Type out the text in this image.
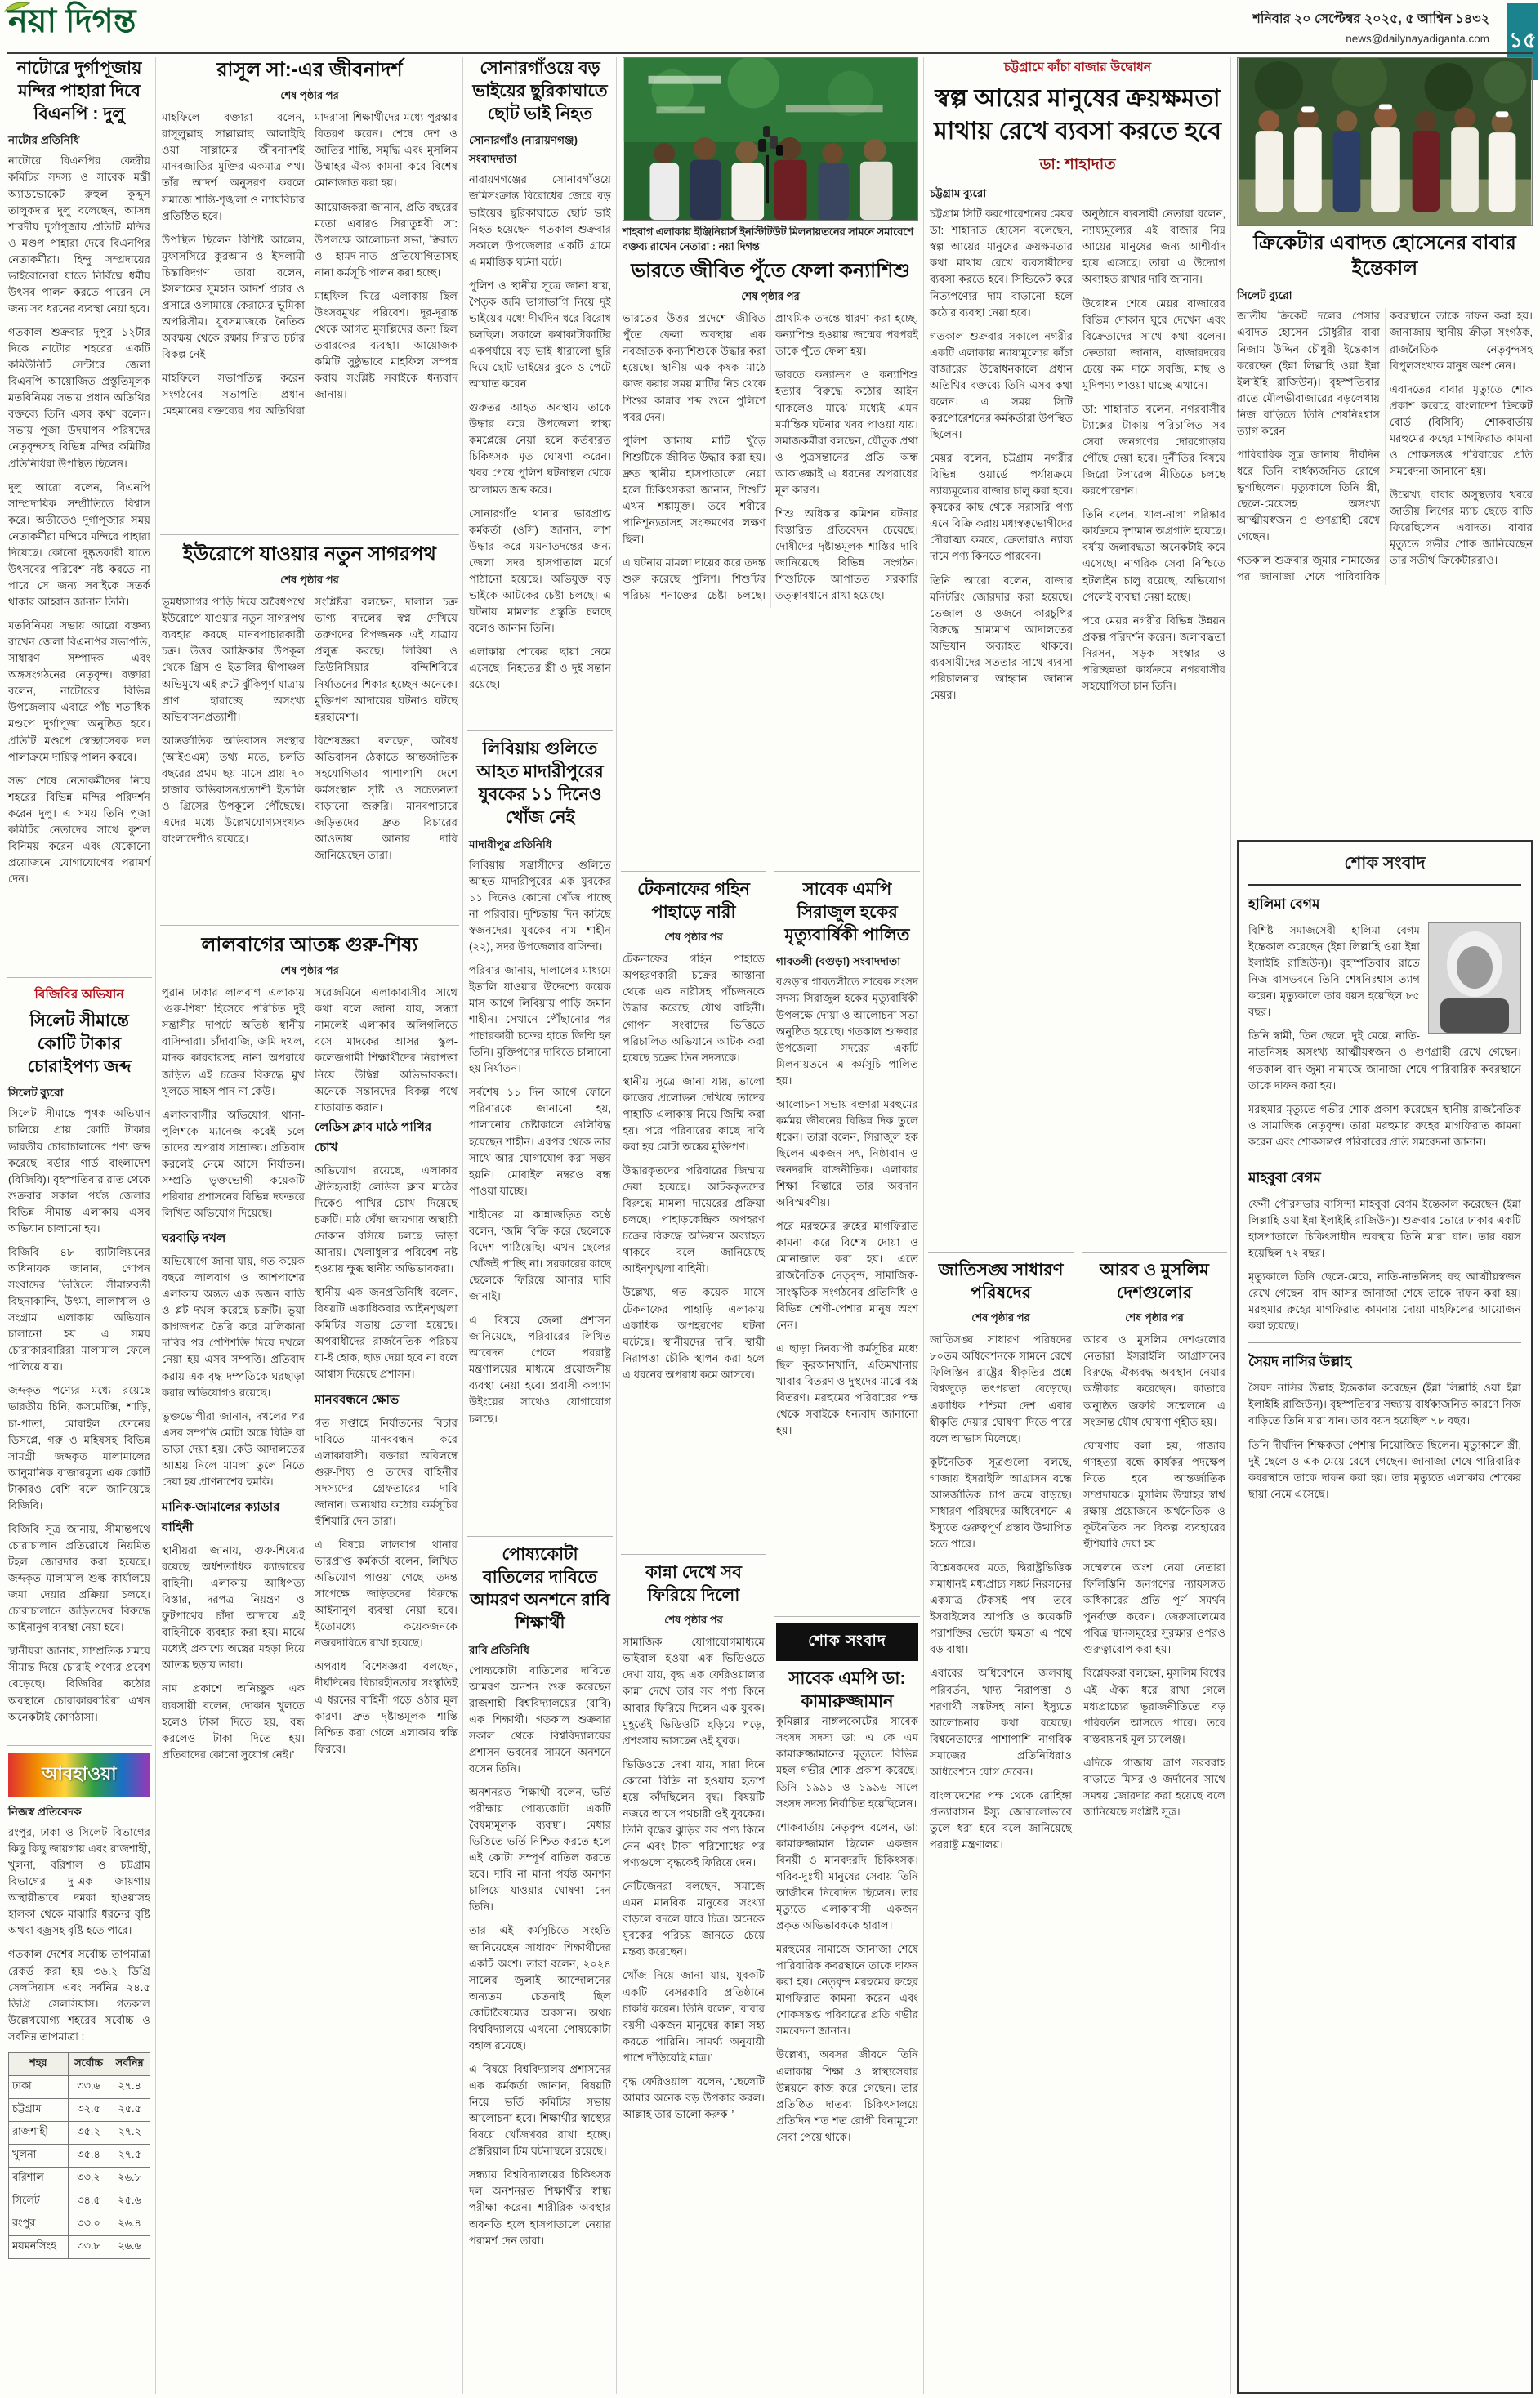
নয়া দিগন্ত	শনিবার ২০ সেপ্টেম্বর ২০২৫, ৫ আশ্বিন ১৪৩২
news@dailynayadiganta.com ১৫
নাটোরে দুর্গাপূজায় মন্দির পাহারা দিবে বিএনপি : দুলু
নাটোর প্রতিনিধি

নাটোরে বিএনপির কেন্দ্রীয় কমিটির সদস্য ও সাবেক মন্ত্রী অ্যাডভোকেট রুহুল কুদ্দুস তালুকদার দুলু বলেছেন, আসন্ন শারদীয় দুর্গাপূজায় প্রতিটি মন্দির ও মণ্ডপ পাহারা দেবে বিএনপির নেতাকর্মীরা। হিন্দু সম্প্রদায়ের ভাইবোনেরা যাতে নির্বিঘ্নে ধর্মীয় উৎসব পালন করতে পারেন সে জন্য সব ধরনের ব্যবস্থা নেয়া হবে।

গতকাল শুক্রবার দুপুর ১২টার দিকে নাটোর শহরের একটি কমিউনিটি সেন্টারে জেলা বিএনপি আয়োজিত প্রস্তুতিমূলক মতবিনিময় সভায় প্রধান অতিথির বক্তব্যে তিনি এসব কথা বলেন। সভায় পূজা উদযাপন পরিষদের নেতৃবৃন্দসহ বিভিন্ন মন্দির কমিটির প্রতিনিধিরা উপস্থিত ছিলেন।

দুলু আরো বলেন, বিএনপি সাম্প্রদায়িক সম্প্রীতিতে বিশ্বাস করে। অতীতেও দুর্গাপূজার সময় নেতাকর্মীরা মন্দিরে মন্দিরে পাহারা দিয়েছে। কোনো দুষ্কৃতকারী যাতে উৎসবের পরিবেশ নষ্ট করতে না পারে সে জন্য সবাইকে সতর্ক থাকার আহ্বান জানান তিনি।

মতবিনিময় সভায় আরো বক্তব্য রাখেন জেলা বিএনপির সভাপতি, সাধারণ সম্পাদক এবং অঙ্গসংগঠনের নেতৃবৃন্দ। বক্তারা বলেন, নাটোরের বিভিন্ন উপজেলায় এবারে পাঁচ শতাধিক মণ্ডপে দুর্গাপূজা অনুষ্ঠিত হবে। প্রতিটি মণ্ডপে স্বেচ্ছাসেবক দল পালাক্রমে দায়িত্ব পালন করবে।

সভা শেষে নেতাকর্মীদের নিয়ে শহরের বিভিন্ন মন্দির পরিদর্শন করেন দুলু। এ সময় তিনি পূজা কমিটির নেতাদের সাথে কুশল বিনিময় করেন এবং যেকোনো প্রয়োজনে যোগাযোগের পরামর্শ দেন।

বিজিবির অভিযান
সিলেট সীমান্তে কোটি টাকার চোরাইপণ্য জব্দ
সিলেট ব্যুরো

সিলেট সীমান্তে পৃথক অভিযান চালিয়ে প্রায় কোটি টাকার ভারতীয় চোরাচালানের পণ্য জব্দ করেছে বর্ডার গার্ড বাংলাদেশ (বিজিবি)। বৃহস্পতিবার রাত থেকে শুক্রবার সকাল পর্যন্ত জেলার বিভিন্ন সীমান্ত এলাকায় এসব অভিযান চালানো হয়।

বিজিবি ৪৮ ব্যাটালিয়নের অধিনায়ক জানান, গোপন সংবাদের ভিত্তিতে সীমান্তবর্তী বিছনাকান্দি, উৎমা, লালাখাল ও সংগ্রাম এলাকায় অভিযান চালানো হয়। এ সময় চোরাকারবারিরা মালামাল ফেলে পালিয়ে যায়।

জব্দকৃত পণ্যের মধ্যে রয়েছে ভারতীয় চিনি, কসমেটিক্স, শাড়ি, চা-পাতা, মোবাইল ফোনের ডিসপ্লে, গরু ও মহিষসহ বিভিন্ন সামগ্রী। জব্দকৃত মালামালের আনুমানিক বাজারমূল্য এক কোটি টাকারও বেশি বলে জানিয়েছে বিজিবি।

বিজিবি সূত্র জানায়, সীমান্তপথে চোরাচালান প্রতিরোধে নিয়মিত টহল জোরদার করা হয়েছে। জব্দকৃত মালামাল শুল্ক কার্যালয়ে জমা দেয়ার প্রক্রিয়া চলছে। চোরাচালানে জড়িতদের বিরুদ্ধে আইনানুগ ব্যবস্থা নেয়া হবে।

স্থানীয়রা জানায়, সাম্প্রতিক সময়ে সীমান্ত দিয়ে চোরাই পণ্যের প্রবেশ বেড়েছে। বিজিবির কঠোর অবস্থানে চোরাকারবারিরা এখন অনেকটাই কোণঠাসা।

আবহাওয়া
নিজস্ব প্রতিবেদক

রংপুর, ঢাকা ও সিলেট বিভাগের কিছু কিছু জায়গায় এবং রাজশাহী, খুলনা, বরিশাল ও চট্টগ্রাম বিভাগের দু-এক জায়গায় অস্থায়ীভাবে দমকা হাওয়াসহ হালকা থেকে মাঝারি ধরনের বৃষ্টি অথবা বজ্রসহ বৃষ্টি হতে পারে।

গতকাল দেশের সর্বোচ্চ তাপমাত্রা রেকর্ড করা হয় ৩৬.২ ডিগ্রি সেলসিয়াস এবং সর্বনিম্ন ২৪.৫ ডিগ্রি সেলসিয়াস। গতকাল উল্লেখযোগ্য শহরের সর্বোচ্চ ও সর্বনিম্ন তাপমাত্রা :

শহর	সর্বোচ্চ	সর্বনিম্ন
ঢাকা	৩৩.৬	২৭.৪
চট্টগ্রাম	৩২.৫	২৫.৫
রাজশাহী	৩৫.২	২৭.২
খুলনা	৩৫.৪	২৭.৫
বরিশাল	৩৩.২	২৬.৮
সিলেট	৩৪.৫	২৫.৬
রংপুর	৩৩.০	২৬.৪
ময়মনসিংহ	৩৩.৮	২৬.৬
রাসূল সা:-এর জীবনাদর্শ
শেষ পৃষ্ঠার পর

মাহফিলে বক্তারা বলেন, রাসূলুল্লাহ সাল্লাল্লাহু আলাইহি ওয়া সাল্লামের জীবনাদর্শই মানবজাতির মুক্তির একমাত্র পথ। তাঁর আদর্শ অনুসরণ করলে সমাজে শান্তি-শৃঙ্খলা ও ন্যায়বিচার প্রতিষ্ঠিত হবে।

উপস্থিত ছিলেন বিশিষ্ট আলেম, মুফাসসিরে কুরআন ও ইসলামী চিন্তাবিদগণ। তারা বলেন, ইসলামের সুমহান আদর্শ প্রচার ও প্রসারে ওলামায়ে কেরামের ভূমিকা অপরিসীম। যুবসমাজকে নৈতিক অবক্ষয় থেকে রক্ষায় সিরাত চর্চার বিকল্প নেই।

মাহফিলে সভাপতিত্ব করেন সংগঠনের সভাপতি। প্রধান মেহমানের বক্তব্যের পর অতিথিরা মাদরাসা শিক্ষার্থীদের মধ্যে পুরস্কার বিতরণ করেন। শেষে দেশ ও জাতির শান্তি, সমৃদ্ধি এবং মুসলিম উম্মাহর ঐক্য কামনা করে বিশেষ মোনাজাত করা হয়।

আয়োজকরা জানান, প্রতি বছরের মতো এবারও সিরাতুন্নবী সা: উপলক্ষে আলোচনা সভা, ক্বিরাত ও হামদ-নাত প্রতিযোগিতাসহ নানা কর্মসূচি পালন করা হচ্ছে।

মাহফিল ঘিরে এলাকায় ছিল উৎসবমুখর পরিবেশ। দূর-দূরান্ত থেকে আগত মুসল্লিদের জন্য ছিল তবারকের ব্যবস্থা। আয়োজক কমিটি সুষ্ঠুভাবে মাহফিল সম্পন্ন করায় সংশ্লিষ্ট সবাইকে ধন্যবাদ জানায়।

ইউরোপে যাওয়ার নতুন সাগরপথ
শেষ পৃষ্ঠার পর

ভূমধ্যসাগর পাড়ি দিয়ে অবৈধপথে ইউরোপে যাওয়ার নতুন সাগরপথ ব্যবহার করছে মানবপাচারকারী চক্র। উত্তর আফ্রিকার উপকূল থেকে গ্রিস ও ইতালির দ্বীপাঞ্চল অভিমুখে এই রুটে ঝুঁকিপূর্ণ যাত্রায় প্রাণ হারাচ্ছে অসংখ্য অভিবাসনপ্রত্যাশী।

আন্তর্জাতিক অভিবাসন সংস্থার (আইওএম) তথ্য মতে, চলতি বছরের প্রথম ছয় মাসে প্রায় ৭০ হাজার অভিবাসনপ্রত্যাশী ইতালি ও গ্রিসের উপকূলে পৌঁছেছে। এদের মধ্যে উল্লেখযোগ্যসংখ্যক বাংলাদেশীও রয়েছে।

সংশ্লিষ্টরা বলছেন, দালাল চক্র ভাগ্য বদলের স্বপ্ন দেখিয়ে তরুণদের বিপজ্জনক এই যাত্রায় প্রলুব্ধ করছে। লিবিয়া ও তিউনিসিয়ার বন্দিশিবিরে নির্যাতনের শিকার হচ্ছেন অনেকে। মুক্তিপণ আদায়ের ঘটনাও ঘটছে হরহামেশা।

বিশেষজ্ঞরা বলছেন, অবৈধ অভিবাসন ঠেকাতে আন্তর্জাতিক সহযোগিতার পাশাপাশি দেশে কর্মসংস্থান সৃষ্টি ও সচেতনতা বাড়ানো জরুরি। মানবপাচারে জড়িতদের দ্রুত বিচারের আওতায় আনার দাবি জানিয়েছেন তারা।

লালবাগের আতঙ্ক গুরু-শিষ্য
শেষ পৃষ্ঠার পর

পুরান ঢাকার লালবাগ এলাকায় ‘গুরু-শিষ্য’ হিসেবে পরিচিত দুই সন্ত্রাসীর দাপটে অতিষ্ঠ স্থানীয় বাসিন্দারা। চাঁদাবাজি, জমি দখল, মাদক কারবারসহ নানা অপরাধে জড়িত এই চক্রের বিরুদ্ধে মুখ খুলতে সাহস পান না কেউ।

এলাকাবাসীর অভিযোগ, থানা-পুলিশকে ম্যানেজ করেই চলে তাদের অপরাধ সাম্রাজ্য। প্রতিবাদ করলেই নেমে আসে নির্যাতন। সম্প্রতি ভুক্তভোগী কয়েকটি পরিবার প্রশাসনের বিভিন্ন দফতরে লিখিত অভিযোগ দিয়েছে।

ঘরবাড়ি দখল

অভিযোগে জানা যায়, গত কয়েক বছরে লালবাগ ও আশপাশের এলাকায় অন্তত এক ডজন বাড়ি ও প্লট দখল করেছে চক্রটি। ভুয়া কাগজপত্র তৈরি করে মালিকানা দাবির পর পেশিশক্তি দিয়ে দখলে নেয়া হয় এসব সম্পত্তি। প্রতিবাদ করায় এক বৃদ্ধ দম্পতিকে ঘরছাড়া করার অভিযোগও রয়েছে।

ভুক্তভোগীরা জানান, দখলের পর এসব সম্পত্তি মোটা অঙ্কে বিক্রি বা ভাড়া দেয়া হয়। কেউ আদালতের আশ্রয় নিলে মামলা তুলে নিতে দেয়া হয় প্রাণনাশের হুমকি।

মানিক-জামালের ক্যাডার বাহিনী

স্থানীয়রা জানায়, গুরু-শিষ্যের রয়েছে অর্ধশতাধিক ক্যাডারের বাহিনী। এলাকায় আধিপত্য বিস্তার, দরপত্র নিয়ন্ত্রণ ও ফুটপাথের চাঁদা আদায়ে এই বাহিনীকে ব্যবহার করা হয়। মাঝে মধ্যেই প্রকাশ্যে অস্ত্রের মহড়া দিয়ে আতঙ্ক ছড়ায় তারা।

নাম প্রকাশে অনিচ্ছুক এক ব্যবসায়ী বলেন, ‘দোকান খুলতে হলেও টাকা দিতে হয়, বন্ধ করলেও টাকা দিতে হয়। প্রতিবাদের কোনো সুযোগ নেই।’

সরেজমিনে এলাকাবাসীর সাথে কথা বলে জানা যায়, সন্ধ্যা নামলেই এলাকার অলিগলিতে বসে মাদকের আসর। স্কুল-কলেজগামী শিক্ষার্থীদের নিরাপত্তা নিয়ে উদ্বিগ্ন অভিভাবকরা। অনেকে সন্তানদের বিকল্প পথে যাতায়াত করান।

লেডিস ক্লাব মাঠে পাখির চোখ

অভিযোগ রয়েছে, এলাকার ঐতিহ্যবাহী লেডিস ক্লাব মাঠের দিকেও পাখির চোখ দিয়েছে চক্রটি। মাঠ ঘেঁষা জায়গায় অস্থায়ী দোকান বসিয়ে চলছে ভাড়া আদায়। খেলাধুলার পরিবেশ নষ্ট হওয়ায় ক্ষুব্ধ স্থানীয় অভিভাবকরা।

স্থানীয় এক জনপ্রতিনিধি বলেন, বিষয়টি একাধিকবার আইনশৃঙ্খলা কমিটির সভায় তোলা হয়েছে। অপরাধীদের রাজনৈতিক পরিচয় যা-ই হোক, ছাড় দেয়া হবে না বলে আশ্বাস দিয়েছে প্রশাসন।

মানববন্ধনে ক্ষোভ

গত সপ্তাহে নির্যাতনের বিচার দাবিতে মানববন্ধন করে এলাকাবাসী। বক্তারা অবিলম্বে গুরু-শিষ্য ও তাদের বাহিনীর সদস্যদের গ্রেফতারের দাবি জানান। অন্যথায় কঠোর কর্মসূচির হুঁশিয়ারি দেন তারা।

এ বিষয়ে লালবাগ থানার ভারপ্রাপ্ত কর্মকর্তা বলেন, লিখিত অভিযোগ পাওয়া গেছে। তদন্ত সাপেক্ষে জড়িতদের বিরুদ্ধে আইনানুগ ব্যবস্থা নেয়া হবে। ইতোমধ্যে কয়েকজনকে নজরদারিতে রাখা হয়েছে।

অপরাধ বিশেষজ্ঞরা বলছেন, দীর্ঘদিনের বিচারহীনতার সংস্কৃতিই এ ধরনের বাহিনী গড়ে ওঠার মূল কারণ। দ্রুত দৃষ্টান্তমূলক শাস্তি নিশ্চিত করা গেলে এলাকায় স্বস্তি ফিরবে।

সোনারগাঁওয়ে বড় ভাইয়ের ছুরিকাঘাতে ছোট ভাই নিহত
সোনারগাঁও (নারায়ণগঞ্জ) সংবাদদাতা

নারায়ণগঞ্জের সোনারগাঁওয়ে জমিসংক্রান্ত বিরোধের জেরে বড় ভাইয়ের ছুরিকাঘাতে ছোট ভাই নিহত হয়েছেন। গতকাল শুক্রবার সকালে উপজেলার একটি গ্রামে এ মর্মান্তিক ঘটনা ঘটে।

পুলিশ ও স্থানীয় সূত্রে জানা যায়, পৈতৃক জমি ভাগাভাগি নিয়ে দুই ভাইয়ের মধ্যে দীর্ঘদিন ধরে বিরোধ চলছিল। সকালে কথাকাটাকাটির একপর্যায়ে বড় ভাই ধারালো ছুরি দিয়ে ছোট ভাইয়ের বুকে ও পেটে আঘাত করেন।

গুরুতর আহত অবস্থায় তাকে উদ্ধার করে উপজেলা স্বাস্থ্য কমপ্লেক্সে নেয়া হলে কর্তব্যরত চিকিৎসক মৃত ঘোষণা করেন। খবর পেয়ে পুলিশ ঘটনাস্থল থেকে আলামত জব্দ করে।

সোনারগাঁও থানার ভারপ্রাপ্ত কর্মকর্তা (ওসি) জানান, লাশ উদ্ধার করে ময়নাতদন্তের জন্য জেলা সদর হাসপাতাল মর্গে পাঠানো হয়েছে। অভিযুক্ত বড় ভাইকে আটকের চেষ্টা চলছে। এ ঘটনায় মামলার প্রস্তুতি চলছে বলেও জানান তিনি।

এলাকায় শোকের ছায়া নেমে এসেছে। নিহতের স্ত্রী ও দুই সন্তান রয়েছে।

লিবিয়ায় গুলিতে আহত মাদারীপুরের যুবকের ১১ দিনেও খোঁজ নেই
মাদারীপুর প্রতিনিধি

লিবিয়ায় সন্ত্রাসীদের গুলিতে আহত মাদারীপুরের এক যুবকের ১১ দিনেও কোনো খোঁজ পাচ্ছে না পরিবার। দুশ্চিন্তায় দিন কাটছে স্বজনদের। যুবকের নাম শাহীন (২২), সদর উপজেলার বাসিন্দা।

পরিবার জানায়, দালালের মাধ্যমে ইতালি যাওয়ার উদ্দেশ্যে কয়েক মাস আগে লিবিয়ায় পাড়ি জমান শাহীন। সেখানে পৌঁছানোর পর পাচারকারী চক্রের হাতে জিম্মি হন তিনি। মুক্তিপণের দাবিতে চালানো হয় নির্যাতন।

সর্বশেষ ১১ দিন আগে ফোনে পরিবারকে জানানো হয়, পালানোর চেষ্টাকালে গুলিবিদ্ধ হয়েছেন শাহীন। এরপর থেকে তার সাথে আর যোগাযোগ করা সম্ভব হয়নি। মোবাইল নম্বরও বন্ধ পাওয়া যাচ্ছে।

শাহীনের মা কান্নাজড়িত কণ্ঠে বলেন, ‘জমি বিক্রি করে ছেলেকে বিদেশ পাঠিয়েছি। এখন ছেলের খোঁজই পাচ্ছি না। সরকারের কাছে ছেলেকে ফিরিয়ে আনার দাবি জানাই।’

এ বিষয়ে জেলা প্রশাসন জানিয়েছে, পরিবারের লিখিত আবেদন পেলে পররাষ্ট্র মন্ত্রণালয়ের মাধ্যমে প্রয়োজনীয় ব্যবস্থা নেয়া হবে। প্রবাসী কল্যাণ উইংয়ের সাথেও যোগাযোগ চলছে।

পোষ্যকোটা বাতিলের দাবিতে আমরণ অনশনে রাবি শিক্ষার্থী
রাবি প্রতিনিধি

পোষ্যকোটা বাতিলের দাবিতে আমরণ অনশন শুরু করেছেন রাজশাহী বিশ্ববিদ্যালয়ের (রাবি) এক শিক্ষার্থী। গতকাল শুক্রবার সকাল থেকে বিশ্ববিদ্যালয়ের প্রশাসন ভবনের সামনে অনশনে বসেন তিনি।

অনশনরত শিক্ষার্থী বলেন, ভর্তি পরীক্ষায় পোষ্যকোটা একটি বৈষম্যমূলক ব্যবস্থা। মেধার ভিত্তিতে ভর্তি নিশ্চিত করতে হলে এই কোটা সম্পূর্ণ বাতিল করতে হবে। দাবি না মানা পর্যন্ত অনশন চালিয়ে যাওয়ার ঘোষণা দেন তিনি।

তার এই কর্মসূচিতে সংহতি জানিয়েছেন সাধারণ শিক্ষার্থীদের একটি অংশ। তারা বলেন, ২০২৪ সালের জুলাই আন্দোলনের অন্যতম চেতনাই ছিল কোটাবৈষম্যের অবসান। অথচ বিশ্ববিদ্যালয়ে এখনো পোষ্যকোটা বহাল রয়েছে।

এ বিষয়ে বিশ্ববিদ্যালয় প্রশাসনের এক কর্মকর্তা জানান, বিষয়টি নিয়ে ভর্তি কমিটির সভায় আলোচনা হবে। শিক্ষার্থীর স্বাস্থ্যের বিষয়ে খোঁজখবর রাখা হচ্ছে। প্রক্টরিয়াল টিম ঘটনাস্থলে রয়েছে।

সন্ধ্যায় বিশ্ববিদ্যালয়ের চিকিৎসক দল অনশনরত শিক্ষার্থীর স্বাস্থ্য পরীক্ষা করেন। শারীরিক অবস্থার অবনতি হলে হাসপাতালে নেয়ার পরামর্শ দেন তারা।

শাহবাগ এলাকায় ইঞ্জিনিয়ার্স ইনস্টিটিউট মিলনায়তনের সামনে সমাবেশে বক্তব্য রাখেন নেতারা : নয়া দিগন্ত
ভারতে জীবিত পুঁতে ফেলা কন্যাশিশু
শেষ পৃষ্ঠার পর

ভারতের উত্তর প্রদেশে জীবিত পুঁতে ফেলা অবস্থায় এক নবজাতক কন্যাশিশুকে উদ্ধার করা হয়েছে। স্থানীয় এক কৃষক মাঠে কাজ করার সময় মাটির নিচ থেকে শিশুর কান্নার শব্দ শুনে পুলিশে খবর দেন।

পুলিশ জানায়, মাটি খুঁড়ে শিশুটিকে জীবিত উদ্ধার করা হয়। দ্রুত স্থানীয় হাসপাতালে নেয়া হলে চিকিৎসকরা জানান, শিশুটি এখন শঙ্কামুক্ত। তবে শরীরে পানিশূন্যতাসহ সংক্রমণের লক্ষণ ছিল।

এ ঘটনায় মামলা দায়ের করে তদন্ত শুরু করেছে পুলিশ। শিশুটির পরিচয় শনাক্তের চেষ্টা চলছে। প্রাথমিক তদন্তে ধারণা করা হচ্ছে, কন্যাশিশু হওয়ায় জন্মের পরপরই তাকে পুঁতে ফেলা হয়।

ভারতে কন্যাভ্রূণ ও কন্যাশিশু হত্যার বিরুদ্ধে কঠোর আইন থাকলেও মাঝে মধ্যেই এমন মর্মান্তিক ঘটনার খবর পাওয়া যায়। সমাজকর্মীরা বলছেন, যৌতুক প্রথা ও পুত্রসন্তানের প্রতি অন্ধ আকাঙ্ক্ষাই এ ধরনের অপরাধের মূল কারণ।

শিশু অধিকার কমিশন ঘটনার বিস্তারিত প্রতিবেদন চেয়েছে। দোষীদের দৃষ্টান্তমূলক শাস্তির দাবি জানিয়েছে বিভিন্ন সংগঠন। শিশুটিকে আপাতত সরকারি তত্ত্বাবধানে রাখা হয়েছে।

টেকনাফের গহিন পাহাড়ে নারী
শেষ পৃষ্ঠার পর

টেকনাফের গহিন পাহাড়ে অপহরণকারী চক্রের আস্তানা থেকে এক নারীসহ পাঁচজনকে উদ্ধার করেছে যৌথ বাহিনী। গোপন সংবাদের ভিত্তিতে পরিচালিত অভিযানে আটক করা হয়েছে চক্রের তিন সদস্যকে।

স্থানীয় সূত্রে জানা যায়, ভালো কাজের প্রলোভন দেখিয়ে তাদের পাহাড়ি এলাকায় নিয়ে জিম্মি করা হয়। পরে পরিবারের কাছে দাবি করা হয় মোটা অঙ্কের মুক্তিপণ।

উদ্ধারকৃতদের পরিবারের জিম্মায় দেয়া হয়েছে। আটককৃতদের বিরুদ্ধে মামলা দায়েরের প্রক্রিয়া চলছে। পাহাড়কেন্দ্রিক অপহরণ চক্রের বিরুদ্ধে অভিযান অব্যাহত থাকবে বলে জানিয়েছে আইনশৃঙ্খলা বাহিনী।

উল্লেখ্য, গত কয়েক মাসে টেকনাফের পাহাড়ি এলাকায় একাধিক অপহরণের ঘটনা ঘটেছে। স্থানীয়দের দাবি, স্থায়ী নিরাপত্তা চৌকি স্থাপন করা হলে এ ধরনের অপরাধ কমে আসবে।

কান্না দেখে সব ফিরিয়ে দিলো
শেষ পৃষ্ঠার পর

সামাজিক যোগাযোগমাধ্যমে ভাইরাল হওয়া এক ভিডিওতে দেখা যায়, বৃদ্ধ এক ফেরিওয়ালার কান্না দেখে তার সব পণ্য কিনে আবার ফিরিয়ে দিলেন এক যুবক। মুহূর্তেই ভিডিওটি ছড়িয়ে পড়ে, প্রশংসায় ভাসছেন ওই যুবক।

ভিডিওতে দেখা যায়, সারা দিনে কোনো বিক্রি না হওয়ায় হতাশ হয়ে কাঁদছিলেন বৃদ্ধ। বিষয়টি নজরে আসে পথচারী ওই যুবকের। তিনি বৃদ্ধের ঝুড়ির সব পণ্য কিনে নেন এবং টাকা পরিশোধের পর পণ্যগুলো বৃদ্ধকেই ফিরিয়ে দেন।

নেটিজেনরা বলছেন, সমাজে এমন মানবিক মানুষের সংখ্যা বাড়লে বদলে যাবে চিত্র। অনেকে যুবকের পরিচয় জানতে চেয়ে মন্তব্য করেছেন।

খোঁজ নিয়ে জানা যায়, যুবকটি একটি বেসরকারি প্রতিষ্ঠানে চাকরি করেন। তিনি বলেন, ‘বাবার বয়সী একজন মানুষের কান্না সহ্য করতে পারিনি। সামর্থ্য অনুযায়ী পাশে দাঁড়িয়েছি মাত্র।’

বৃদ্ধ ফেরিওয়ালা বলেন, ‘ছেলেটি আমার অনেক বড় উপকার করল। আল্লাহ তার ভালো করুক।’

সাবেক এমপি সিরাজুল হকের মৃত্যুবার্ষিকী পালিত
গাবতলী (বগুড়া) সংবাদদাতা

বগুড়ার গাবতলীতে সাবেক সংসদ সদস্য সিরাজুল হকের মৃত্যুবার্ষিকী উপলক্ষে দোয়া ও আলোচনা সভা অনুষ্ঠিত হয়েছে। গতকাল শুক্রবার উপজেলা সদরের একটি মিলনায়তনে এ কর্মসূচি পালিত হয়।

আলোচনা সভায় বক্তারা মরহুমের কর্মময় জীবনের বিভিন্ন দিক তুলে ধরেন। তারা বলেন, সিরাজুল হক ছিলেন একজন সৎ, নিষ্ঠাবান ও জনদরদি রাজনীতিক। এলাকার শিক্ষা বিস্তারে তার অবদান অবিস্মরণীয়।

পরে মরহুমের রুহের মাগফিরাত কামনা করে বিশেষ দোয়া ও মোনাজাত করা হয়। এতে রাজনৈতিক নেতৃবৃন্দ, সামাজিক-সাংস্কৃতিক সংগঠনের প্রতিনিধি ও বিভিন্ন শ্রেণী-পেশার মানুষ অংশ নেন।

এ ছাড়া দিনব্যাপী কর্মসূচির মধ্যে ছিল কুরআনখানি, এতিমখানায় খাবার বিতরণ ও দুস্থদের মাঝে বস্ত্র বিতরণ। মরহুমের পরিবারের পক্ষ থেকে সবাইকে ধন্যবাদ জানানো হয়।

শোক সংবাদ
সাবেক এমপি ডা: কামারুজ্জামান

কুমিল্লার নাঙ্গলকোটের সাবেক সংসদ সদস্য ডা: এ কে এম কামারুজ্জামানের মৃত্যুতে বিভিন্ন মহল গভীর শোক প্রকাশ করেছে। তিনি ১৯৯১ ও ১৯৯৬ সালে সংসদ সদস্য নির্বাচিত হয়েছিলেন।

শোকবার্তায় নেতৃবৃন্দ বলেন, ডা: কামারুজ্জামান ছিলেন একজন বিনয়ী ও মানবদরদি চিকিৎসক। গরিব-দুঃখী মানুষের সেবায় তিনি আজীবন নিবেদিত ছিলেন। তার মৃত্যুতে এলাকাবাসী একজন প্রকৃত অভিভাবককে হারাল।

মরহুমের নামাজে জানাজা শেষে পারিবারিক কবরস্থানে তাকে দাফন করা হয়। নেতৃবৃন্দ মরহুমের রুহের মাগফিরাত কামনা করেন এবং শোকসন্তপ্ত পরিবারের প্রতি গভীর সমবেদনা জানান।

উল্লেখ্য, অবসর জীবনে তিনি এলাকায় শিক্ষা ও স্বাস্থ্যসেবার উন্নয়নে কাজ করে গেছেন। তার প্রতিষ্ঠিত দাতব্য চিকিৎসালয়ে প্রতিদিন শত শত রোগী বিনামূল্যে সেবা পেয়ে থাকে।

চট্টগ্রামে কাঁচা বাজার উদ্বোধন
স্বল্প আয়ের মানুষের ক্রয়ক্ষমতা মাথায় রেখে ব্যবসা করতে হবে
ডা: শাহাদাত
চট্টগ্রাম ব্যুরো

চট্টগ্রাম সিটি করপোরেশনের মেয়র ডা: শাহাদাত হোসেন বলেছেন, স্বল্প আয়ের মানুষের ক্রয়ক্ষমতার কথা মাথায় রেখে ব্যবসায়ীদের ব্যবসা করতে হবে। সিন্ডিকেট করে নিত্যপণ্যের দাম বাড়ানো হলে কঠোর ব্যবস্থা নেয়া হবে।

গতকাল শুক্রবার সকালে নগরীর একটি এলাকায় ন্যায্যমূল্যের কাঁচা বাজারের উদ্বোধনকালে প্রধান অতিথির বক্তব্যে তিনি এসব কথা বলেন। এ সময় সিটি করপোরেশনের কর্মকর্তারা উপস্থিত ছিলেন।

মেয়র বলেন, চট্টগ্রাম নগরীর বিভিন্ন ওয়ার্ডে পর্যায়ক্রমে ন্যায্যমূল্যের বাজার চালু করা হবে। কৃষকের কাছ থেকে সরাসরি পণ্য এনে বিক্রি করায় মধ্যস্বত্বভোগীদের দৌরাত্ম্য কমবে, ক্রেতারাও ন্যায্য দামে পণ্য কিনতে পারবেন।

তিনি আরো বলেন, বাজার মনিটরিং জোরদার করা হয়েছে। ভেজাল ও ওজনে কারচুপির বিরুদ্ধে ভ্রাম্যমাণ আদালতের অভিযান অব্যাহত থাকবে। ব্যবসায়ীদের সততার সাথে ব্যবসা পরিচালনার আহ্বান জানান মেয়র।

অনুষ্ঠানে ব্যবসায়ী নেতারা বলেন, ন্যায্যমূল্যের এই বাজার নিম্ন আয়ের মানুষের জন্য আশীর্বাদ হয়ে এসেছে। তারা এ উদ্যোগ অব্যাহত রাখার দাবি জানান।

উদ্বোধন শেষে মেয়র বাজারের বিভিন্ন দোকান ঘুরে দেখেন এবং বিক্রেতাদের সাথে কথা বলেন। ক্রেতারা জানান, বাজারদরের চেয়ে কম দামে সবজি, মাছ ও মুদিপণ্য পাওয়া যাচ্ছে এখানে।

ডা: শাহাদাত বলেন, নগরবাসীর ট্যাক্সের টাকায় পরিচালিত সব সেবা জনগণের দোরগোড়ায় পৌঁছে দেয়া হবে। দুর্নীতির বিষয়ে জিরো টলারেন্স নীতিতে চলছে করপোরেশন।

তিনি বলেন, খাল-নালা পরিষ্কার কার্যক্রমে দৃশ্যমান অগ্রগতি হয়েছে। বর্ষায় জলাবদ্ধতা অনেকটাই কমে এসেছে। নাগরিক সেবা নিশ্চিতে হটলাইন চালু রয়েছে, অভিযোগ পেলেই ব্যবস্থা নেয়া হচ্ছে।

পরে মেয়র নগরীর বিভিন্ন উন্নয়ন প্রকল্প পরিদর্শন করেন। জলাবদ্ধতা নিরসন, সড়ক সংস্কার ও পরিচ্ছন্নতা কার্যক্রমে নগরবাসীর সহযোগিতা চান তিনি।

জাতিসঙ্ঘ সাধারণ পরিষদের
শেষ পৃষ্ঠার পর

জাতিসঙ্ঘ সাধারণ পরিষদের ৮০তম অধিবেশনকে সামনে রেখে ফিলিস্তিন রাষ্ট্রের স্বীকৃতির প্রশ্নে বিশ্বজুড়ে তৎপরতা বেড়েছে। একাধিক পশ্চিমা দেশ এবার স্বীকৃতি দেয়ার ঘোষণা দিতে পারে বলে আভাস মিলেছে।

কূটনৈতিক সূত্রগুলো বলছে, গাজায় ইসরাইলি আগ্রাসন বন্ধে আন্তর্জাতিক চাপ ক্রমে বাড়ছে। সাধারণ পরিষদের অধিবেশনে এ ইস্যুতে গুরুত্বপূর্ণ প্রস্তাব উত্থাপিত হতে পারে।

বিশ্লেষকদের মতে, দ্বিরাষ্ট্রভিত্তিক সমাধানই মধ্যপ্রাচ্য সঙ্কট নিরসনের একমাত্র টেকসই পথ। তবে ইসরাইলের আপত্তি ও কয়েকটি পরাশক্তির ভেটো ক্ষমতা এ পথে বড় বাধা।

এবারের অধিবেশনে জলবায়ু পরিবর্তন, খাদ্য নিরাপত্তা ও শরণার্থী সঙ্কটসহ নানা ইস্যুতে আলোচনার কথা রয়েছে। বিশ্বনেতাদের পাশাপাশি নাগরিক সমাজের প্রতিনিধিরাও অধিবেশনে যোগ দেবেন।

বাংলাদেশের পক্ষ থেকে রোহিঙ্গা প্রত্যাবাসন ইস্যু জোরালোভাবে তুলে ধরা হবে বলে জানিয়েছে পররাষ্ট্র মন্ত্রণালয়।

আরব ও মুসলিম দেশগুলোর
শেষ পৃষ্ঠার পর

আরব ও মুসলিম দেশগুলোর নেতারা ইসরাইলি আগ্রাসনের বিরুদ্ধে ঐক্যবদ্ধ অবস্থান নেয়ার অঙ্গীকার করেছেন। কাতারে অনুষ্ঠিত জরুরি সম্মেলনে এ সংক্রান্ত যৌথ ঘোষণা গৃহীত হয়।

ঘোষণায় বলা হয়, গাজায় গণহত্যা বন্ধে কার্যকর পদক্ষেপ নিতে হবে আন্তর্জাতিক সম্প্রদায়কে। মুসলিম উম্মাহর স্বার্থ রক্ষায় প্রয়োজনে অর্থনৈতিক ও কূটনৈতিক সব বিকল্প ব্যবহারের হুঁশিয়ারি দেয়া হয়।

সম্মেলনে অংশ নেয়া নেতারা ফিলিস্তিনি জনগণের ন্যায়সঙ্গত অধিকারের প্রতি পূর্ণ সমর্থন পুনর্ব্যক্ত করেন। জেরুসালেমের পবিত্র স্থানসমূহের সুরক্ষার ওপরও গুরুত্বারোপ করা হয়।

বিশ্লেষকরা বলছেন, মুসলিম বিশ্বের এই ঐক্য ধরে রাখা গেলে মধ্যপ্রাচ্যের ভূরাজনীতিতে বড় পরিবর্তন আসতে পারে। তবে বাস্তবায়নই মূল চ্যালেঞ্জ।

এদিকে গাজায় ত্রাণ সরবরাহ বাড়াতে মিসর ও জর্দানের সাথে সমন্বয় জোরদার করা হয়েছে বলে জানিয়েছে সংশ্লিষ্ট সূত্র।

ক্রিকেটার এবাদত হোসেনের বাবার ইন্তেকাল
সিলেট ব্যুরো

জাতীয় ক্রিকেট দলের পেসার এবাদত হোসেন চৌধুরীর বাবা নিজাম উদ্দিন চৌধুরী ইন্তেকাল করেছেন (ইন্না লিল্লাহি ওয়া ইন্না ইলাইহি রাজিউন)। বৃহস্পতিবার রাতে মৌলভীবাজারের বড়লেখায় নিজ বাড়িতে তিনি শেষনিঃশ্বাস ত্যাগ করেন।

পারিবারিক সূত্র জানায়, দীর্ঘদিন ধরে তিনি বার্ধক্যজনিত রোগে ভুগছিলেন। মৃত্যুকালে তিনি স্ত্রী, ছেলে-মেয়েসহ অসংখ্য আত্মীয়স্বজন ও গুণগ্রাহী রেখে গেছেন।

গতকাল শুক্রবার জুমার নামাজের পর জানাজা শেষে পারিবারিক কবরস্থানে তাকে দাফন করা হয়। জানাজায় স্থানীয় ক্রীড়া সংগঠক, রাজনৈতিক নেতৃবৃন্দসহ বিপুলসংখ্যক মানুষ অংশ নেন।

এবাদতের বাবার মৃত্যুতে শোক প্রকাশ করেছে বাংলাদেশ ক্রিকেট বোর্ড (বিসিবি)। শোকবার্তায় মরহুমের রুহের মাগফিরাত কামনা ও শোকসন্তপ্ত পরিবারের প্রতি সমবেদনা জানানো হয়।

উল্লেখ্য, বাবার অসুস্থতার খবরে জাতীয় লিগের ম্যাচ ছেড়ে বাড়ি ফিরেছিলেন এবাদত। বাবার মৃত্যুতে গভীর শোক জানিয়েছেন তার সতীর্থ ক্রিকেটাররাও।

শোক সংবাদ
হালিমা বেগম

বিশিষ্ট সমাজসেবী হালিমা বেগম ইন্তেকাল করেছেন (ইন্না লিল্লাহি ওয়া ইন্না ইলাইহি রাজিউন)। বৃহস্পতিবার রাতে নিজ বাসভবনে তিনি শেষনিঃশ্বাস ত্যাগ করেন। মৃত্যুকালে তার বয়স হয়েছিল ৮৫ বছর।

তিনি স্বামী, তিন ছেলে, দুই মেয়ে, নাতি-নাতনিসহ অসংখ্য আত্মীয়স্বজন ও গুণগ্রাহী রেখে গেছেন। গতকাল বাদ জুমা নামাজে জানাজা শেষে পারিবারিক কবরস্থানে তাকে দাফন করা হয়।

মরহুমার মৃত্যুতে গভীর শোক প্রকাশ করেছেন স্থানীয় রাজনৈতিক ও সামাজিক নেতৃবৃন্দ। তারা মরহুমার রুহের মাগফিরাত কামনা করেন এবং শোকসন্তপ্ত পরিবারের প্রতি সমবেদনা জানান।

মাহবুবা বেগম

ফেনী পৌরসভার বাসিন্দা মাহবুবা বেগম ইন্তেকাল করেছেন (ইন্না লিল্লাহি ওয়া ইন্না ইলাইহি রাজিউন)। শুক্রবার ভোরে ঢাকার একটি হাসপাতালে চিকিৎসাধীন অবস্থায় তিনি মারা যান। তার বয়স হয়েছিল ৭২ বছর।

মৃত্যুকালে তিনি ছেলে-মেয়ে, নাতি-নাতনিসহ বহু আত্মীয়স্বজন রেখে গেছেন। বাদ আসর জানাজা শেষে তাকে দাফন করা হয়। মরহুমার রুহের মাগফিরাত কামনায় দোয়া মাহফিলের আয়োজন করা হয়েছে।

সৈয়দ নাসির উল্লাহ

সৈয়দ নাসির উল্লাহ ইন্তেকাল করেছেন (ইন্না লিল্লাহি ওয়া ইন্না ইলাইহি রাজিউন)। বৃহস্পতিবার সন্ধ্যায় বার্ধক্যজনিত কারণে নিজ বাড়িতে তিনি মারা যান। তার বয়স হয়েছিল ৭৮ বছর।

তিনি দীর্ঘদিন শিক্ষকতা পেশায় নিয়োজিত ছিলেন। মৃত্যুকালে স্ত্রী, দুই ছেলে ও এক মেয়ে রেখে গেছেন। জানাজা শেষে পারিবারিক কবরস্থানে তাকে দাফন করা হয়। তার মৃত্যুতে এলাকায় শোকের ছায়া নেমে এসেছে।
